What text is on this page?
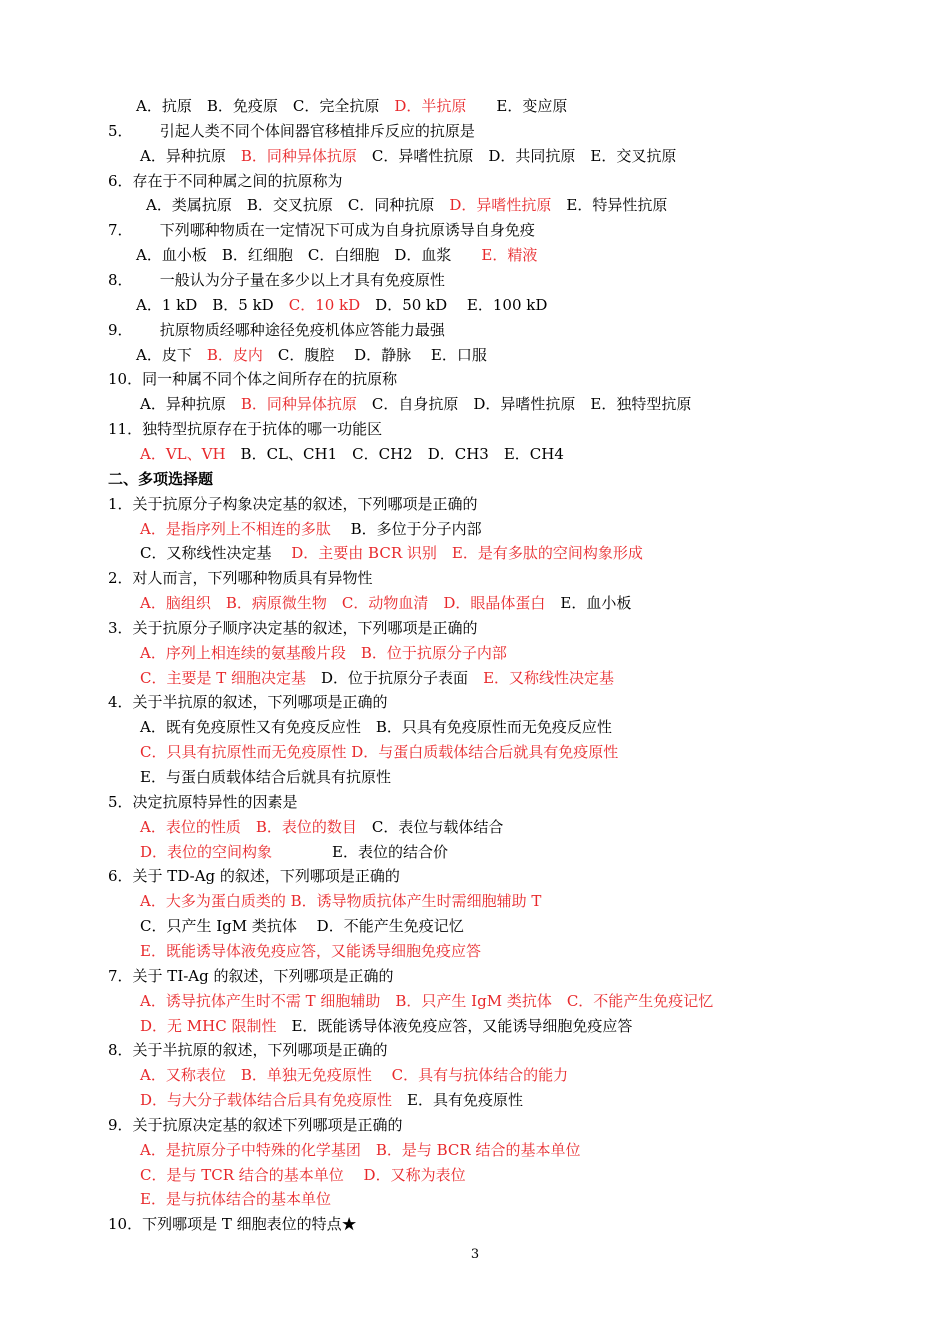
A．抗原　B．免疫原　C．完全抗原　D．半抗原　　E．变应原
5．　　 引起人类不同个体间器官移植排斥反应的抗原是
A．异种抗原　B．同种异体抗原　C．异嗜性抗原　D．共同抗原　E．交叉抗原
6．存在于不同种属之间的抗原称为
A．类属抗原　B．交叉抗原　C．同种抗原　D．异嗜性抗原　E．特异性抗原
7．　　 下列哪种物质在一定情况下可成为自身抗原诱导自身免疫
A．血小板　B．红细胞　C．白细胞　D．血浆　　E．精液
8．　　 一般认为分子量在多少以上才具有免疫原性
A．1 kD　B．5 kD　C．10 kD　D．50 kD　 E．100 kD
9．　　 抗原物质经哪种途径免疫机体应答能力最强
A．皮下　B．皮内　C．腹腔　 D．静脉　 E．口服
10．同一种属不同个体之间所存在的抗原称
A．异种抗原　B．同种异体抗原　C．自身抗原　D．异嗜性抗原　E．独特型抗原
11．独特型抗原存在于抗体的哪一功能区
A．VL、VH　B．CL、CH1　C．CH2　D．CH3　E．CH4
二、多项选择题
1．关于抗原分子构象决定基的叙述，下列哪项是正确的
A．是指序列上不相连的多肽　 B．多位于分子内部
C．又称线性决定基　 D．主要由 BCR 识别　E．是有多肽的空间构象形成
2．对人而言，下列哪种物质具有异物性
A．脑组织　B．病原微生物　C．动物血清　D．眼晶体蛋白　E．血小板
3．关于抗原分子顺序决定基的叙述，下列哪项是正确的
A．序列上相连续的氨基酸片段　B．位于抗原分子内部
C．主要是 T 细胞决定基　D．位于抗原分子表面　E．又称线性决定基
4．关于半抗原的叙述，下列哪项是正确的
A．既有免疫原性又有免疫反应性　B．只具有免疫原性而无免疫反应性
C．只具有抗原性而无免疫原性 D．与蛋白质载体结合后就具有免疫原性
E．与蛋白质载体结合后就具有抗原性
5．决定抗原特异性的因素是
A．表位的性质　B．表位的数目　C．表位与载体结合
D．表位的空间构象　　　　E．表位的结合价
6．关于 TD-Ag 的叙述，下列哪项是正确的
A．大多为蛋白质类的 B．诱导物质抗体产生时需细胞辅助 T
C．只产生 IgM 类抗体　 D．不能产生免疫记忆
E．既能诱导体液免疫应答，又能诱导细胞免疫应答
7．关于 TI-Ag 的叙述，下列哪项是正确的
A．诱导抗体产生时不需 T 细胞辅助　B．只产生 IgM 类抗体　C．不能产生免疫记忆
D．无 MHC 限制性　E．既能诱导体液免疫应答，又能诱导细胞免疫应答
8．关于半抗原的叙述，下列哪项是正确的
A．又称表位　B．单独无免疫原性　 C．具有与抗体结合的能力
D．与大分子载体结合后具有免疫原性　E．具有免疫原性
9．关于抗原决定基的叙述下列哪项是正确的
A．是抗原分子中特殊的化学基团　B．是与 BCR 结合的基本单位
C．是与 TCR 结合的基本单位　 D．又称为表位
E．是与抗体结合的基本单位
10．下列哪项是 T 细胞表位的特点★
3
